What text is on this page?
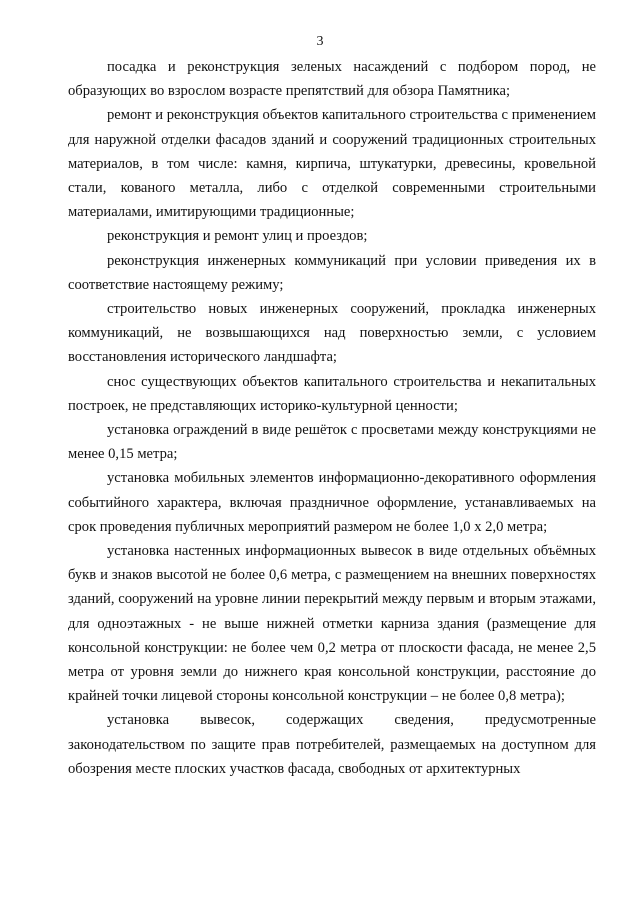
3

посадка и реконструкция зеленых насаждений с подбором пород, не образующих во взрослом возрасте препятствий для обзора Памятника;

ремонт и реконструкция объектов капитального строительства с применением для наружной отделки фасадов зданий и сооружений традиционных строительных материалов, в том числе: камня, кирпича, штукатурки, древесины, кровельной стали, кованого металла, либо с отделкой современными строительными материалами, имитирующими традиционные;

реконструкция и ремонт улиц и проездов;

реконструкция инженерных коммуникаций при условии приведения их в соответствие настоящему режиму;

строительство новых инженерных сооружений, прокладка инженерных коммуникаций, не возвышающихся над поверхностью земли, с условием восстановления исторического ландшафта;

снос существующих объектов капитального строительства и некапитальных построек, не представляющих историко-культурной ценности;

установка ограждений в виде решёток с просветами между конструкциями не менее 0,15 метра;

установка мобильных элементов информационно-декоративного оформления событийного характера, включая праздничное оформление, устанавливаемых на срок проведения публичных мероприятий размером не более 1,0 х 2,0 метра;

установка настенных информационных вывесок в виде отдельных объёмных букв и знаков высотой не более 0,6 метра, с размещением на внешних поверхностях зданий, сооружений на уровне линии перекрытий между первым и вторым этажами, для одноэтажных - не выше нижней отметки карниза здания (размещение для консольной конструкции: не более чем 0,2 метра от плоскости фасада, не менее 2,5 метра от уровня земли до нижнего края консольной конструкции, расстояние до крайней точки лицевой стороны консольной конструкции – не более 0,8 метра);

установка вывесок, содержащих сведения, предусмотренные законодательством по защите прав потребителей, размещаемых на доступном для обозрения месте плоских участков фасада, свободных от архитектурных
